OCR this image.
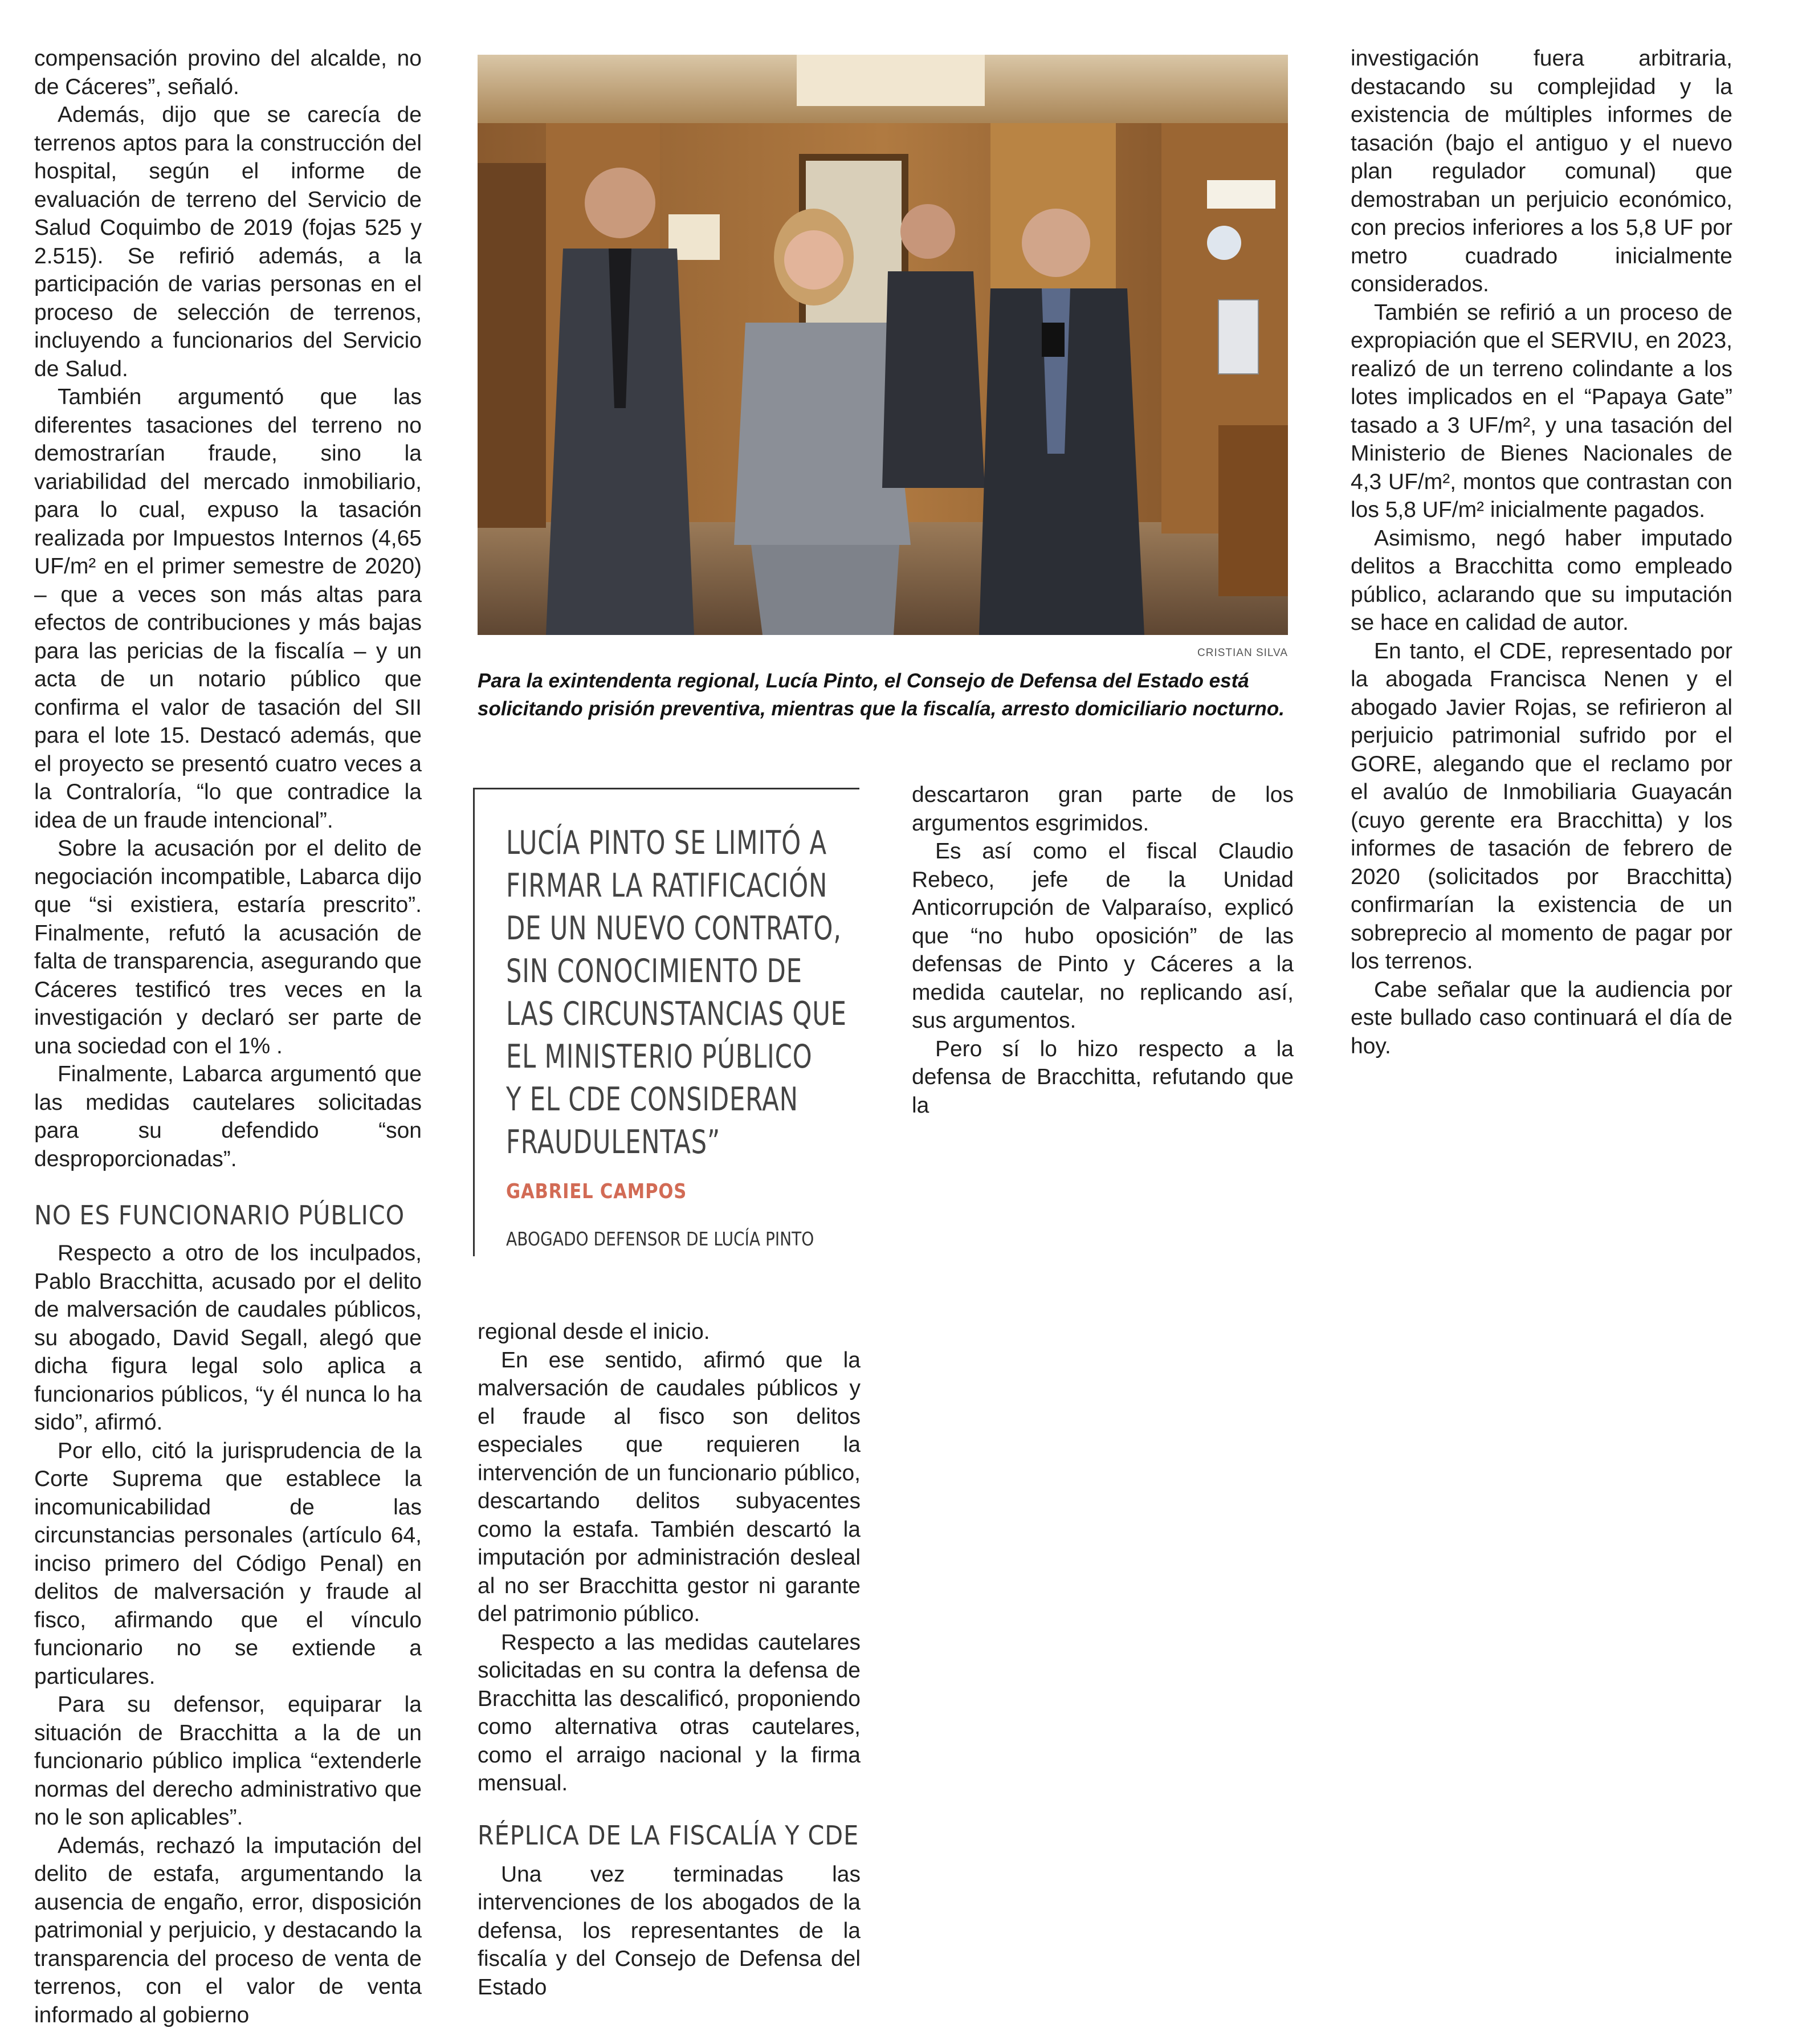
compensación provino del alcalde, no de Cáceres”, señaló.

Además, dijo que se carecía de terrenos aptos para la construcción del hospital, según el informe de evaluación de terreno del Servicio de Salud Coquimbo de 2019 (fojas 525 y 2.515). Se refirió además, a la participación de varias personas en el proceso de selección de terrenos, incluyendo a funcionarios del Servicio de Salud.

También argumentó que las diferentes tasaciones del terreno no demostrarían fraude, sino la variabilidad del mercado inmobiliario, para lo cual, expuso la tasación realizada por Impuestos Internos (4,65 UF/m² en el primer semestre de 2020) – que a veces son más altas para efectos de contribuciones y más bajas para las pericias de la fiscalía – y un acta de un notario público que confirma el valor de tasación del SII para el lote 15. Destacó además, que el proyecto se presentó cuatro veces a la Contraloría, “lo que contradice la idea de un fraude intencional”.

Sobre la acusación por el delito de negociación incompatible, Labarca dijo que “si existiera, estaría prescrito”. Finalmente, refutó la acusación de falta de transparencia, asegurando que Cáceres testificó tres veces en la investigación y declaró ser parte de una sociedad con el 1% .

Finalmente, Labarca argumentó que las medidas cautelares solicitadas para su defendido “son desproporcionadas”.

NO ES FUNCIONARIO PÚBLICO

Respecto a otro de los inculpados, Pablo Bracchitta, acusado por el delito de malversación de caudales públicos, su abogado, David Segall, alegó que dicha figura legal solo aplica a funcionarios públicos, “y él nunca lo ha sido”, afirmó.

Por ello, citó la jurisprudencia de la Corte Suprema que establece la incomunicabilidad de las circunstancias personales (artículo 64, inciso primero del Código Penal) en delitos de malversación y fraude al fisco, afirmando que el vínculo funcionario no se extiende a particulares.

Para su defensor, equiparar la situación de Bracchitta a la de un funcionario público implica “extenderle normas del derecho administrativo que no le son aplicables”.

Además, rechazó la imputación del delito de estafa, argumentando la ausencia de engaño, error, disposición patrimonial y perjuicio, y destacando la transparencia del proceso de venta de terrenos, con el valor de venta informado al gobierno

CRISTIAN SILVA
Para la exintendenta regional, Lucía Pinto, el Consejo de Defensa del Estado está solicitando prisión preventiva, mientras que la fiscalía, arresto domiciliario nocturno.
LUCÍA PINTO SE LIMITÓ A
FIRMAR LA RATIFICACIÓN
DE UN NUEVO CONTRATO,
SIN CONOCIMIENTO DE
LAS CIRCUNSTANCIAS QUE
EL MINISTERIO PÚBLICO
Y EL CDE CONSIDERAN
FRAUDULENTAS”
GABRIEL CAMPOS
ABOGADO DEFENSOR DE LUCÍA PINTO

regional desde el inicio.

En ese sentido, afirmó que la malversación de caudales públicos y el fraude al fisco son delitos especiales que requieren la intervención de un funcionario público, descartando delitos subyacentes como la estafa. También descartó la imputación por administración desleal al no ser Bracchitta gestor ni garante del patrimonio público.

Respecto a las medidas cautelares solicitadas en su contra la defensa de Bracchitta las descalificó, proponiendo como alternativa otras cautelares, como el arraigo nacional y la firma mensual.

RÉPLICA DE LA FISCALÍA Y CDE

Una vez terminadas las intervenciones de los abogados de la defensa, los representantes de la fiscalía y del Consejo de Defensa del Estado

descartaron gran parte de los argumentos esgrimidos.

Es así como el fiscal Claudio Rebeco, jefe de la Unidad Anticorrupción de Valparaíso, explicó que “no hubo oposición” de las defensas de Pinto y Cáceres a la medida cautelar, no replicando así, sus argumentos.

Pero sí lo hizo respecto a la defensa de Bracchitta, refutando que la

investigación fuera arbitraria, destacando su complejidad y la existencia de múltiples informes de tasación (bajo el antiguo y el nuevo plan regulador comunal) que demostraban un perjuicio económico, con precios inferiores a los 5,8 UF por metro cuadrado inicialmente considerados.

También se refirió a un proceso de expropiación que el SERVIU, en 2023, realizó de un terreno colindante a los lotes implicados en el “Papaya Gate” tasado a 3 UF/m², y una tasación del Ministerio de Bienes Nacionales de 4,3 UF/m², montos que contrastan con los 5,8 UF/m² inicialmente pagados.

Asimismo, negó haber imputado delitos a Bracchitta como empleado público, aclarando que su imputación se hace en calidad de autor.

En tanto, el CDE, representado por la abogada Francisca Nenen y el abogado Javier Rojas, se refirieron al perjuicio patrimonial sufrido por el GORE, alegando que el reclamo por el avalúo de Inmobiliaria Guayacán (cuyo gerente era Bracchitta) y los informes de tasación de febrero de 2020 (solicitados por Bracchitta) confirmarían la existencia de un sobreprecio al momento de pagar por los terrenos.

Cabe señalar que la audiencia por este bullado caso continuará el día de hoy.
